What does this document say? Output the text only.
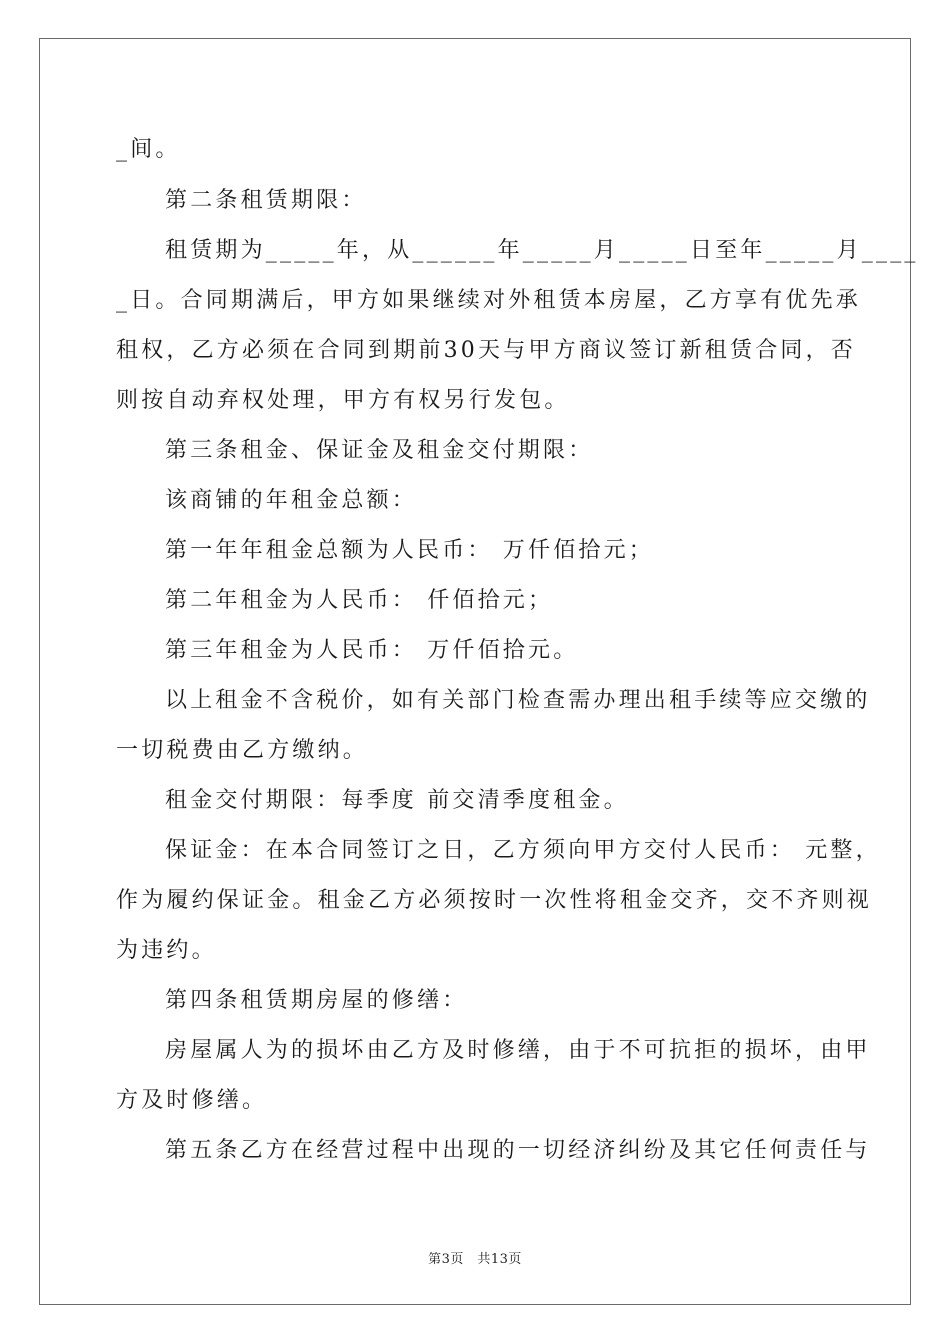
_间。
第二条租赁期限：
租赁期为_____年，从______年_____月_____日至年_____月____
_日。合同期满后，甲方如果继续对外租赁本房屋，乙方享有优先承
租权，乙方必须在合同到期前30天与甲方商议签订新租赁合同，否
则按自动弃权处理，甲方有权另行发包。
第三条租金、保证金及租金交付期限：
该商铺的年租金总额：
第一年年租金总额为人民币： 万仟佰拾元；
第二年租金为人民币： 仟佰拾元；
第三年租金为人民币： 万仟佰拾元。
以上租金不含税价，如有关部门检查需办理出租手续等应交缴的
一切税费由乙方缴纳。
租金交付期限：每季度 前交清季度租金。
保证金：在本合同签订之日，乙方须向甲方交付人民币： 元整，
作为履约保证金。租金乙方必须按时一次性将租金交齐，交不齐则视
为违约。
第四条租赁期房屋的修缮：
房屋属人为的损坏由乙方及时修缮，由于不可抗拒的损坏，由甲
方及时修缮。
第五条乙方在经营过程中出现的一切经济纠纷及其它任何责任与
第3页　共13页
